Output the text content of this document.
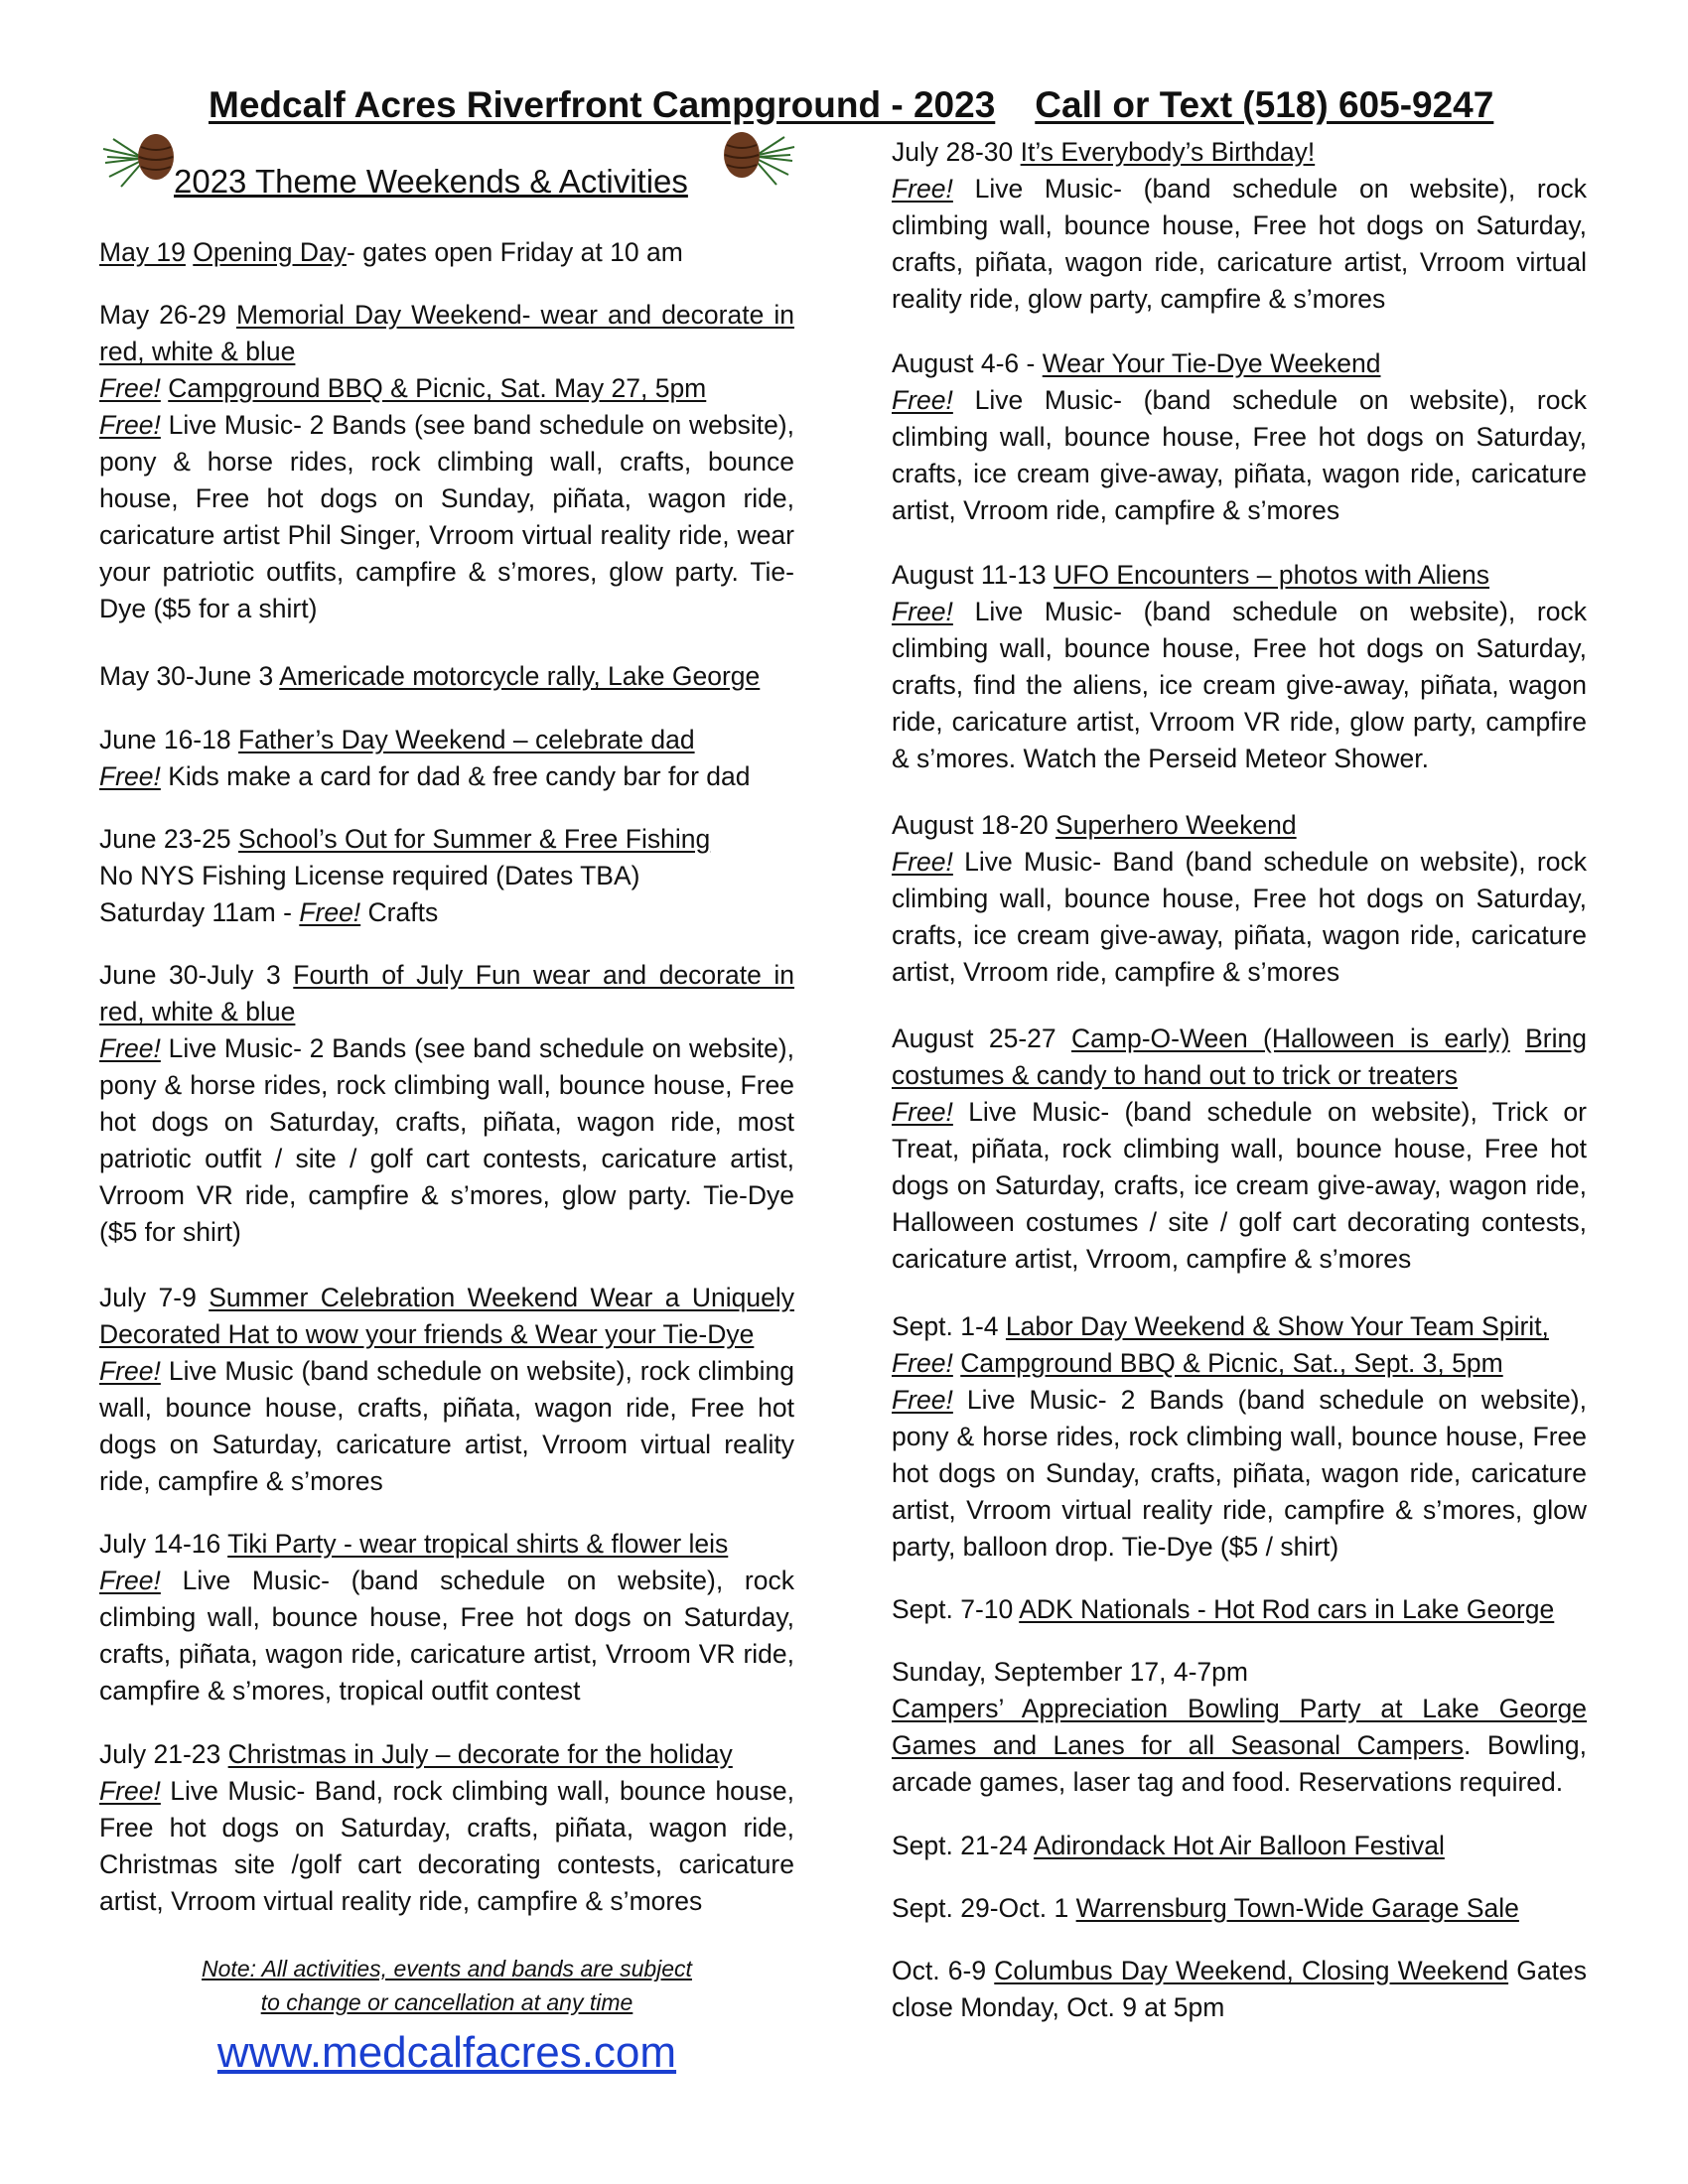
Medcalf Acres Riverfront Campground - 2023 Call or Text (518) 605-9247
2023 Theme Weekends & Activities

May 19 Opening Day- gates open Friday at 10 am

May 26-29 Memorial Day Weekend- wear and decorate in red, white & blue

Free! Campground BBQ & Picnic, Sat. May 27, 5pm

Free! Live Music- 2 Bands (see band schedule on website), pony & horse rides, rock climbing wall, crafts, bounce house, Free hot dogs on Sunday, piñata, wagon ride, caricature artist Phil Singer, Vrroom virtual reality ride, wear your patriotic outfits, campfire & s’mores, glow party. Tie-Dye ($5 for a shirt)

May 30-June 3 Americade motorcycle rally, Lake George

June 16-18 Father’s Day Weekend – celebrate dad

Free! Kids make a card for dad & free candy bar for dad

June 23-25 School’s Out for Summer & Free Fishing

No NYS Fishing License required (Dates TBA)

Saturday 11am - Free! Crafts

June 30-July 3 Fourth of July Fun wear and decorate in red, white & blue

Free! Live Music- 2 Bands (see band schedule on website), pony & horse rides, rock climbing wall, bounce house, Free hot dogs on Saturday, crafts, piñata, wagon ride, most patriotic outfit / site / golf cart contests, caricature artist, Vrroom VR ride, campfire & s’mores, glow party. Tie-Dye ($5 for shirt)

July 7-9 Summer Celebration Weekend Wear a Uniquely Decorated Hat to wow your friends & Wear your Tie-Dye

Free! Live Music (band schedule on website), rock climbing wall, bounce house, crafts, piñata, wagon ride, Free hot dogs on Saturday, caricature artist, Vrroom virtual reality ride, campfire & s’mores

July 14-16 Tiki Party - wear tropical shirts & flower leis

Free! Live Music- (band schedule on website), rock climbing wall, bounce house, Free hot dogs on Saturday, crafts, piñata, wagon ride, caricature artist, Vrroom VR ride, campfire & s’mores, tropical outfit contest

July 21-23 Christmas in July – decorate for the holiday

Free! Live Music- Band, rock climbing wall, bounce house, Free hot dogs on Saturday, crafts, piñata, wagon ride, Christmas site /golf cart decorating contests, caricature artist, Vrroom virtual reality ride, campfire & s’mores

Note: All activities, events and bands are subject
to change or cancellation at any time
www.medcalfacres.com

July 28-30 It’s Everybody’s Birthday!

Free! Live Music- (band schedule on website), rock climbing wall, bounce house, Free hot dogs on Saturday, crafts, piñata, wagon ride, caricature artist, Vrroom virtual reality ride, glow party, campfire & s’mores

August 4-6 - Wear Your Tie-Dye Weekend

Free! Live Music- (band schedule on website), rock climbing wall, bounce house, Free hot dogs on Saturday, crafts, ice cream give-away, piñata, wagon ride, caricature artist, Vrroom ride, campfire & s’mores

August 11-13 UFO Encounters – photos with Aliens

Free! Live Music- (band schedule on website), rock climbing wall, bounce house, Free hot dogs on Saturday, crafts, find the aliens, ice cream give-away, piñata, wagon ride, caricature artist, Vrroom VR ride, glow party, campfire & s’mores. Watch the Perseid Meteor Shower.

August 18-20 Superhero Weekend

Free! Live Music- Band (band schedule on website), rock climbing wall, bounce house, Free hot dogs on Saturday, crafts, ice cream give-away, piñata, wagon ride, caricature artist, Vrroom ride, campfire & s’mores

August 25-27 Camp-O-Ween (Halloween is early) Bring costumes & candy to hand out to trick or treaters

Free! Live Music- (band schedule on website), Trick or Treat, piñata, rock climbing wall, bounce house, Free hot dogs on Saturday, crafts, ice cream give-away, wagon ride, Halloween costumes / site / golf cart decorating contests, caricature artist, Vrroom, campfire & s’mores

Sept. 1-4 Labor Day Weekend & Show Your Team Spirit,

Free! Campground BBQ & Picnic, Sat., Sept. 3, 5pm

Free! Live Music- 2 Bands (band schedule on website), pony & horse rides, rock climbing wall, bounce house, Free hot dogs on Sunday, crafts, piñata, wagon ride, caricature artist, Vrroom virtual reality ride, campfire & s’mores, glow party, balloon drop. Tie-Dye ($5 / shirt)

Sept. 7-10 ADK Nationals - Hot Rod cars in Lake George

Sunday, September 17, 4-7pm

Campers’ Appreciation Bowling Party at Lake George Games and Lanes for all Seasonal Campers. Bowling, arcade games, laser tag and food. Reservations required.

Sept. 21-24 Adirondack Hot Air Balloon Festival

Sept. 29-Oct. 1 Warrensburg Town-Wide Garage Sale

Oct. 6-9 Columbus Day Weekend, Closing Weekend Gates close Monday, Oct. 9 at 5pm
